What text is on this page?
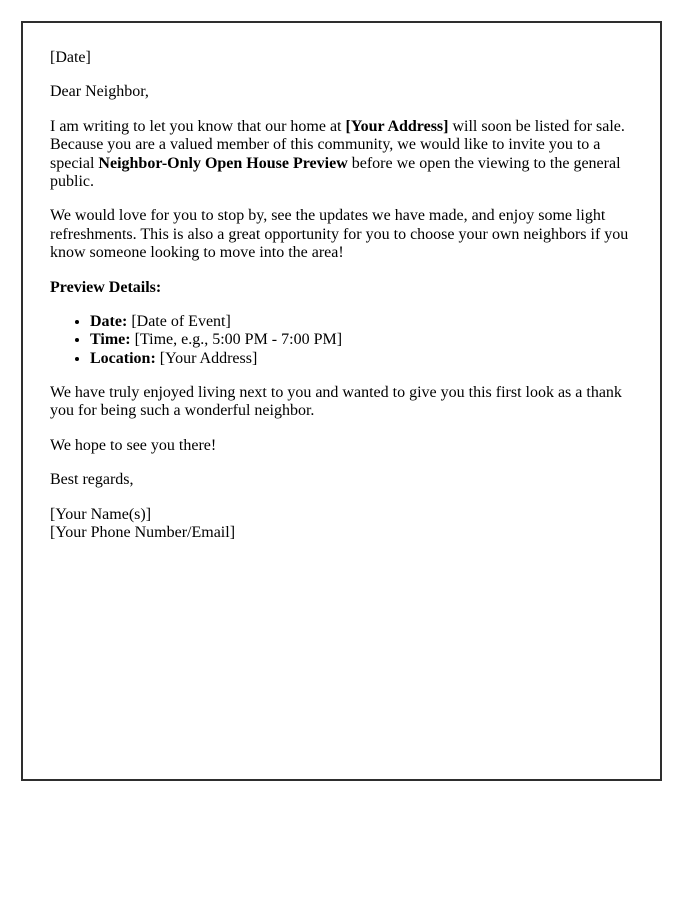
[Date]

Dear Neighbor,

I am writing to let you know that our home at [Your Address] will soon be listed for sale. Because you are a valued member of this community, we would like to invite you to a special Neighbor-Only Open House Preview before we open the viewing to the general public.

We would love for you to stop by, see the updates we have made, and enjoy some light refreshments. This is also a great opportunity for you to choose your own neighbors if you know someone looking to move into the area!

Preview Details:

• Date: [Date of Event]
• Time: [Time, e.g., 5:00 PM - 7:00 PM]
• Location: [Your Address]

We have truly enjoyed living next to you and wanted to give you this first look as a thank you for being such a wonderful neighbor.

We hope to see you there!

Best regards,

[Your Name(s)]
[Your Phone Number/Email]
